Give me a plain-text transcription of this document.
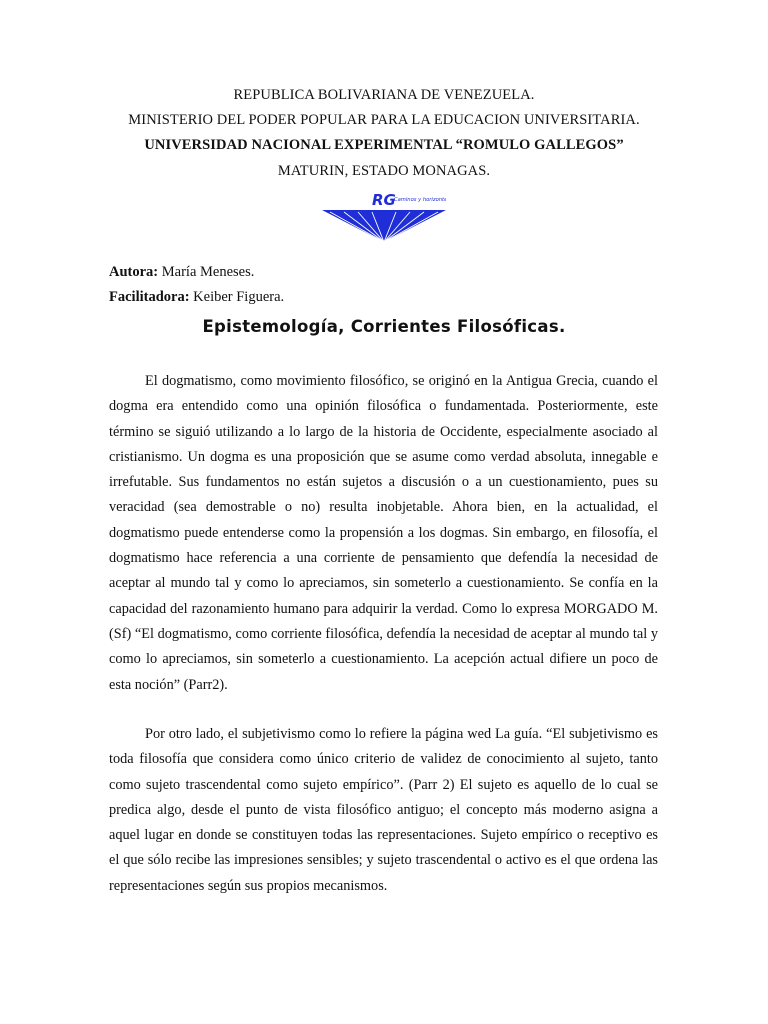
REPUBLICA BOLIVARIANA DE VENEZUELA.
MINISTERIO DEL PODER POPULAR PARA LA EDUCACION UNIVERSITARIA.
UNIVERSIDAD NACIONAL EXPERIMENTAL “ROMULO GALLEGOS”
MATURIN, ESTADO MONAGAS.
RG
Caminos y horizontes
Autora: María Meneses.
Facilitadora: Keiber Figuera.
Epistemología, Corrientes Filosóficas.

El dogmatismo, como movimiento filosófico, se originó en la Antigua Grecia, cuando el dogma era entendido como una opinión filosófica o fundamentada. Posteriormente, este término se siguió utilizando a lo largo de la historia de Occidente, especialmente asociado al cristianismo. Un dogma es una proposición que se asume como verdad absoluta, innegable e irrefutable. Sus fundamentos no están sujetos a discusión o a un cuestionamiento, pues su veracidad (sea demostrable o no) resulta inobjetable. Ahora bien, en la actualidad, el dogmatismo puede entenderse como la propensión a los dogmas. Sin embargo, en filosofía, el dogmatismo hace referencia a una corriente de pensamiento que defendía la necesidad de aceptar al mundo tal y como lo apreciamos, sin someterlo a cuestionamiento. Se confía en la capacidad del razonamiento humano para adquirir la verdad. Como lo expresa MORGADO M. (Sf) “El dogmatismo, como corriente filosófica, defendía la necesidad de aceptar al mundo tal y como lo apreciamos, sin someterlo a cuestionamiento. La acepción actual difiere un poco de esta noción” (Parr2).

Por otro lado, el subjetivismo como lo refiere la página wed La guía. “El subjetivismo es toda filosofía que considera como único criterio de validez de conocimiento al sujeto, tanto como sujeto trascendental como sujeto empírico”. (Parr 2) El sujeto es aquello de lo cual se predica algo, desde el punto de vista filosófico antiguo; el concepto más moderno asigna a aquel lugar en donde se constituyen todas las representaciones. Sujeto empírico o receptivo es el que sólo recibe las impresiones sensibles; y sujeto trascendental o activo es el que ordena las representaciones según sus propios mecanismos.
